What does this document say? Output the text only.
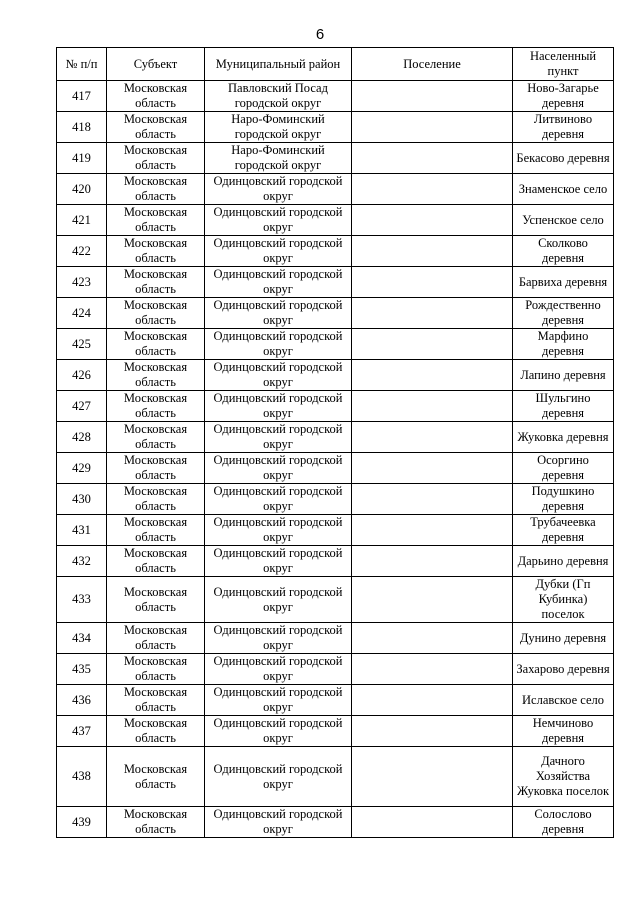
6
№ п/п	Субъект	Муниципальный район	Поселение	Населенный пункт
417	Московская область	Павловский Посад городской округ		Ново-Загарье деревня
418	Московская область	Наро-Фоминский городской округ		Литвиново деревня
419	Московская область	Наро-Фоминский городской округ		Бекасово деревня
420	Московская область	Одинцовский городской округ		Знаменское село
421	Московская область	Одинцовский городской округ		Успенское село
422	Московская область	Одинцовский городской округ		Сколково деревня
423	Московская область	Одинцовский городской округ		Барвиха деревня
424	Московская область	Одинцовский городской округ		Рождественно деревня
425	Московская область	Одинцовский городской округ		Марфино деревня
426	Московская область	Одинцовский городской округ		Лапино деревня
427	Московская область	Одинцовский городской округ		Шульгино деревня
428	Московская область	Одинцовский городской округ		Жуковка деревня
429	Московская область	Одинцовский городской округ		Осоргино деревня
430	Московская область	Одинцовский городской округ		Подушкино деревня
431	Московская область	Одинцовский городской округ		Трубачеевка деревня
432	Московская область	Одинцовский городской округ		Дарьино деревня
433	Московская область	Одинцовский городской округ		Дубки (Гп Кубинка) поселок
434	Московская область	Одинцовский городской округ		Дунино деревня
435	Московская область	Одинцовский городской округ		Захарово деревня
436	Московская область	Одинцовский городской округ		Иславское село
437	Московская область	Одинцовский городской округ		Немчиново деревня
438	Московская область	Одинцовский городской округ		Дачного Хозяйства Жуковка поселок
439	Московская область	Одинцовский городской округ		Солослово деревня
